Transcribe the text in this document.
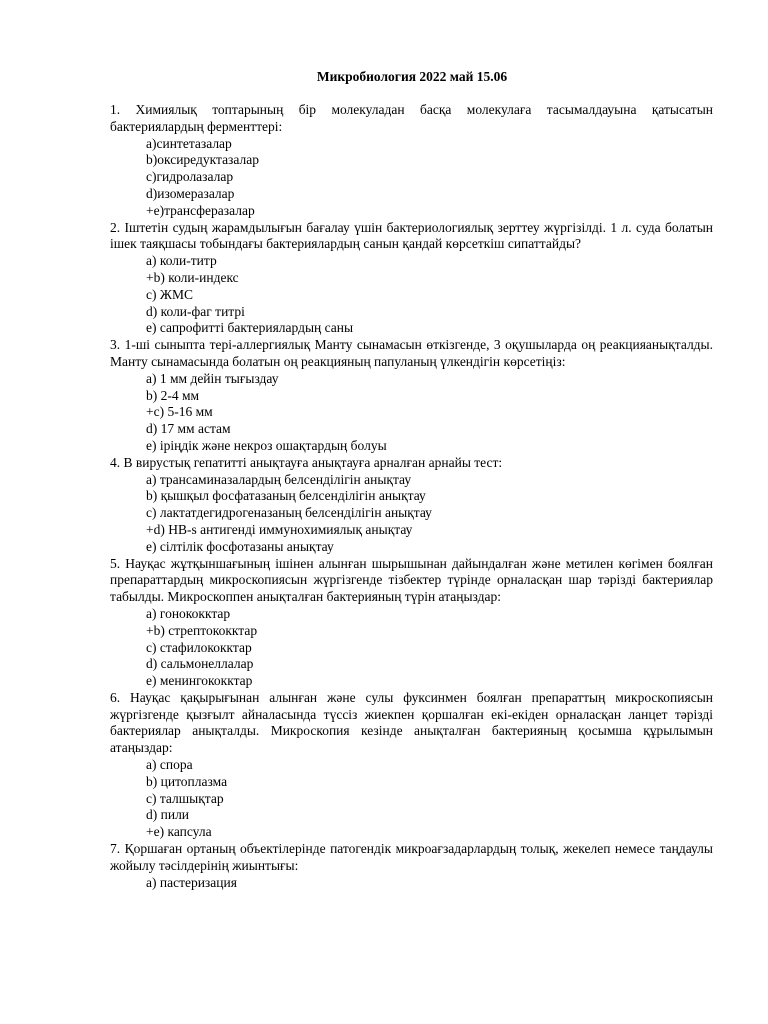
Микробиология 2022 май 15.06

1. Химиялық топтарының бір молекуладан басқа молекулаға тасымалдауына қатысатын бактериялардың ферменттері:

a)синтетазалар
b)оксиредуктазалар
c)гидролазалар
d)изомеразалар
+e)трансферазалар

2. Іштетін судың жарамдылығын бағалау үшін бактериологиялық зерттеу жүргізілді. 1 л. суда болатын ішек таяқшасы тобындағы бактериялардың санын қандай көрсеткіш сипаттайды?

a) коли-титр
+b) коли-индекс
c) ЖМС
d) коли-фаг титрі
e) сапрофитті бактериялардың саны

3. 1-ші сыныпта тері-аллергиялық Манту сынамасын өткізгенде, 3 оқушыларда оң реакцияанықталды. Манту сынамасында болатын оң реакцияның папуланың үлкендігін көрсетіңіз:

a) 1 мм дейін тығыздау
b) 2-4 мм
+c) 5-16 мм
d) 17 мм астам
e) іріңдік және некроз ошақтардың болуы

4. В вирустық гепатитті анықтауға анықтауға арналған арнайы тест:

a) трансаминазалардың белсенділігін анықтау
b) қышқыл фосфатазаның белсенділігін анықтау
c) лактатдегидрогеназаның белсенділігін анықтау
+d) HB-s антигенді иммунохимиялық анықтау
e) сілтілік фосфотазаны анықтау

5. Науқас жұтқыншағының ішінен алынған шырышынан дайындалған және метилен көгімен боялған препараттардың микроскопиясын жүргізгенде тізбектер түрінде орналасқан шар тәрізді бактериялар табылды. Микроскоппен анықталған бактерияның түрін атаңыздар:

a) гонококктар
+b) стрептококктар
c) стафилококктар
d) сальмонеллалар
e) менингококктар

6. Науқас қақырығынан алынған және сулы фуксинмен боялған препараттың микроскопиясын жүргізгенде қызғылт айналасында түссіз жиекпен қоршалған екі-екіден орналасқан ланцет тәрізді бактериялар анықталды. Микроскопия кезінде анықталған бактерияның қосымша құрылымын атаңыздар:

a) спора
b) цитоплазма
c) талшықтар
d) пили
+e) капсула

7. Қоршаған ортаның объектілерінде патогендік микроағзадарлардың толық, жекелеп немесе таңдаулы жойылу тәсілдерінің жиынтығы:

a) пастеризация
